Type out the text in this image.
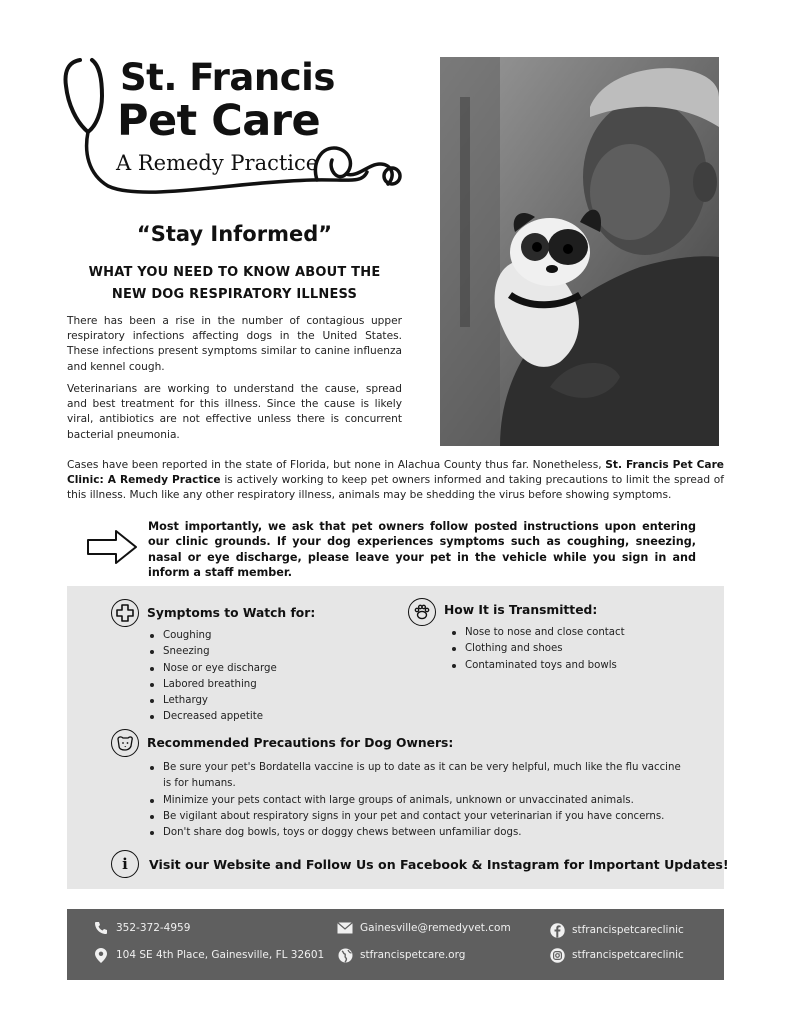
St. Francis
Pet Care
A Remedy Practice
“Stay Informed”
WHAT YOU NEED TO KNOW ABOUT THE
NEW DOG RESPIRATORY ILLNESS

There has been a rise in the number of contagious upper respiratory infections affecting dogs in the United States. These infections present symptoms similar to canine influenza and kennel cough.

Veterinarians are working to understand the cause, spread and best treatment for this illness. Since the cause is likely viral, antibiotics are not effective unless there is concurrent bacterial pneumonia.

Cases have been reported in the state of Florida, but none in Alachua County thus far. Nonetheless, St. Francis Pet Care Clinic: A Remedy Practice is actively working to keep pet owners informed and taking precautions to limit the spread of this illness. Much like any other respiratory illness, animals may be shedding the virus before showing symptoms.

Most importantly, we ask that pet owners follow posted instructions upon entering our clinic grounds. If your dog experiences symptoms such as coughing, sneezing, nasal or eye discharge, please leave your pet in the vehicle while you sign in and inform a staff member.

Symptoms to Watch for:
Coughing
Sneezing
Nose or eye discharge
Labored breathing
Lethargy
Decreased appetite
How It is Transmitted:
Nose to nose and close contact
Clothing and shoes
Contaminated toys and bowls
Recommended Precautions for Dog Owners:
Be sure your pet's Bordatella vaccine is up to date as it can be very helpful, much like the flu vaccine is for humans.
Minimize your pets contact with large groups of animals, unknown or unvaccinated animals.
Be vigilant about respiratory signs in your pet and contact your veterinarian if you have concerns.
Don't share dog bowls, toys or doggy chews between unfamiliar dogs.
i Visit our Website and Follow Us on Facebook & Instagram for Important Updates!
352-372-4959
104 SE 4th Place, Gainesville, FL 32601
Gainesville@remedyvet.com
stfrancispetcare.org
stfrancispetcareclinic
stfrancispetcareclinic
